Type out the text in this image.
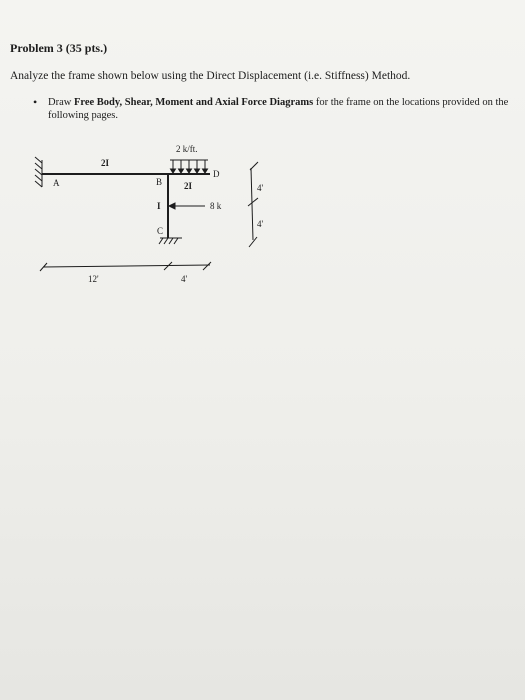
Problem 3 (35 pts.)
Analyze the frame shown below using the Direct Displacement (i.e. Stiffness) Method.
• Draw Free Body, Shear, Moment and Axial Force Diagrams for the frame on the locations provided on the following pages.
2 k/ft.
2I
A	B 2I
D
I	8 k
C
4'
4'
12'	4'
